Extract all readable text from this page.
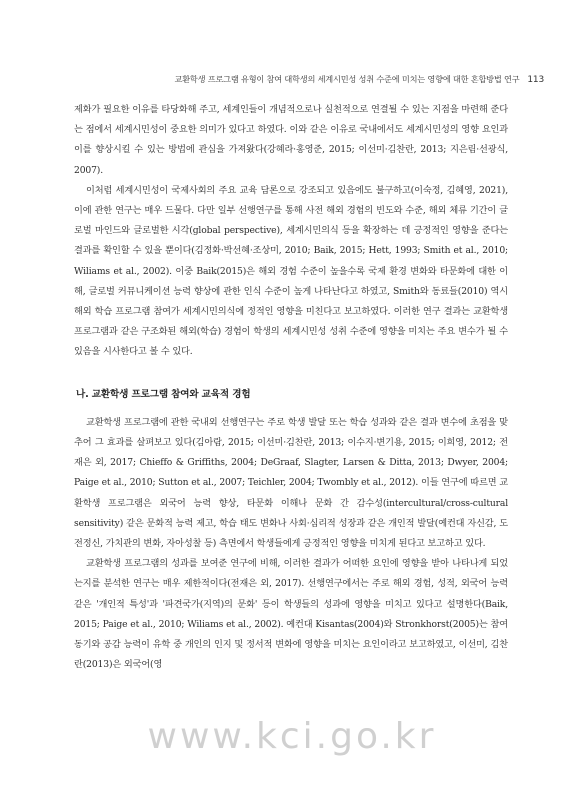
교환학생 프로그램 유형이 참여 대학생의 세계시민성 성취 수준에 미치는 영향에 대한 혼합방법 연구 113

제화가 필요한 이유를 타당화해 주고, 세계인들이 개념적으로나 실천적으로 연결될 수 있는 지점을 마련해 준다는 점에서 세계시민성이 중요한 의미가 있다고 하였다. 이와 같은 이유로 국내에서도 세계시민성의 영향 요인과 이를 향상시킬 수 있는 방법에 관심을 가져왔다(강혜라·홍영준, 2015; 이선미·김찬란, 2013; 지은림·선광식, 2007).

이처럼 세계시민성이 국제사회의 주요 교육 담론으로 강조되고 있음에도 불구하고(이숙정, 김혜영, 2021), 이에 관한 연구는 매우 드물다. 다만 일부 선행연구를 통해 사전 해외 경험의 빈도와 수준, 해외 체류 기간이 글로벌 마인드와 글로벌한 시각(global perspective), 세계시민의식 등을 확장하는 데 긍정적인 영향을 준다는 결과를 확인할 수 있을 뿐이다(김정화·박선혜·조상미, 2010; Baik, 2015; Hett, 1993; Smith et al., 2010; Wiliams et al., 2002). 이중 Baik(2015)은 해외 경험 수준이 높을수록 국제 환경 변화와 타문화에 대한 이해, 글로벌 커뮤니케이션 능력 향상에 관한 인식 수준이 높게 나타난다고 하였고, Smith와 동료들(2010) 역시 해외 학습 프로그램 참여가 세계시민의식에 정적인 영향을 미친다고 보고하였다. 이러한 연구 결과는 교환학생 프로그램과 같은 구조화된 해외(학습) 경험이 학생의 세계시민성 성취 수준에 영향을 미치는 주요 변수가 될 수 있음을 시사한다고 볼 수 있다.

나. 교환학생 프로그램 참여와 교육적 경험

교환학생 프로그램에 관한 국내외 선행연구는 주로 학생 발달 또는 학습 성과와 같은 결과 변수에 초점을 맞추어 그 효과를 살펴보고 있다(김아람, 2015; 이선미·김찬란, 2013; 이수지·변기용, 2015; 이희영, 2012; 전재은 외, 2017; Chieffo & Griffiths, 2004; DeGraaf, Slagter, Larsen & Ditta, 2013; Dwyer, 2004; Paige et al., 2010; Sutton et al., 2007; Teichler, 2004; Twombly et al., 2012). 이들 연구에 따르면 교환학생 프로그램은 외국어 능력 향상, 타문화 이해나 문화 간 감수성(intercultural/cross-cultural sensitivity) 같은 문화적 능력 제고, 학습 태도 변화나 사회·심리적 성장과 같은 개인적 발달(예컨대 자신감, 도전정신, 가치관의 변화, 자아성찰 등) 측면에서 학생들에게 긍정적인 영향을 미치게 된다고 보고하고 있다.

교환학생 프로그램의 성과를 보여준 연구에 비해, 이러한 결과가 어떠한 요인에 영향을 받아 나타나게 되었는지를 분석한 연구는 매우 제한적이다(전재은 외, 2017). 선행연구에서는 주로 해외 경험, 성적, 외국어 능력 같은 '개인적 특성'과 '파견국가(지역)의 문화' 등이 학생들의 성과에 영향을 미치고 있다고 설명한다(Baik, 2015; Paige et al., 2010; Wiliams et al., 2002). 예컨대 Kisantas(2004)와 Stronkhorst(2005)는 참여동기와 공감 능력이 유학 중 개인의 인지 및 정서적 변화에 영향을 미치는 요인이라고 보고하였고, 이선미, 김찬란(2013)은 외국어(영

www.kci.go.kr
